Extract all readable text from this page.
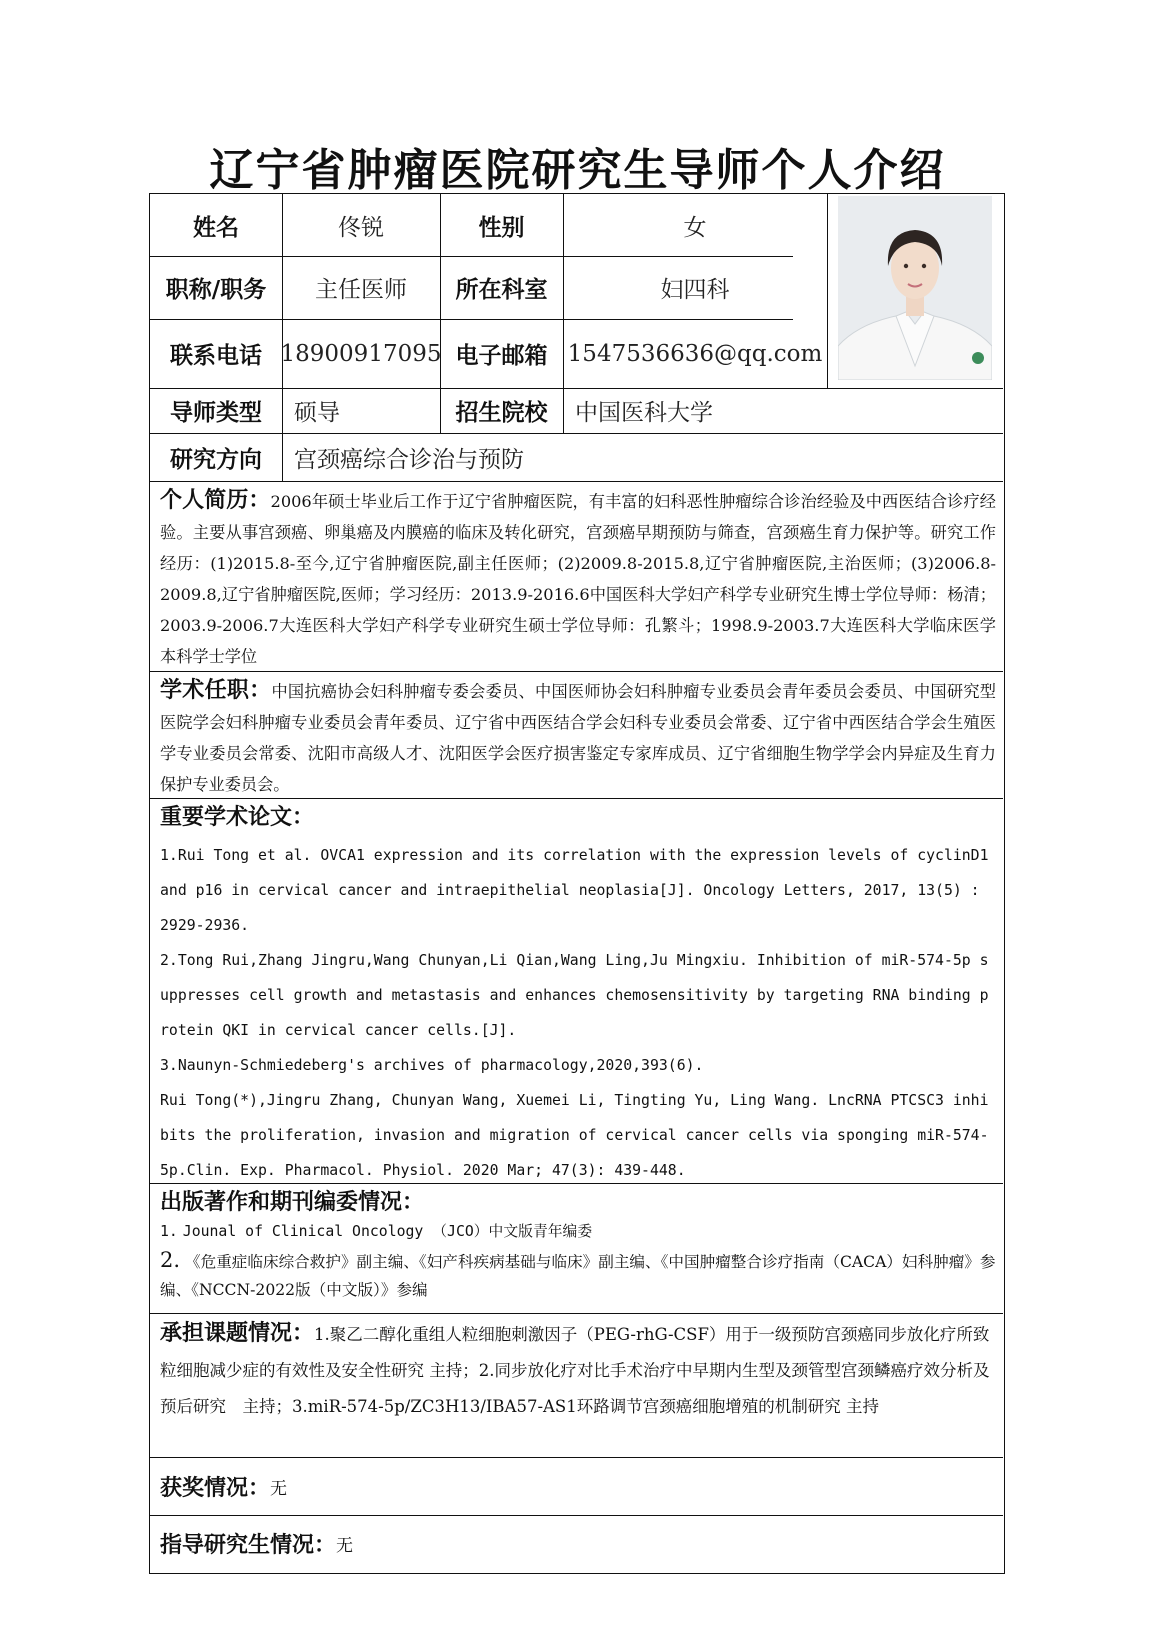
辽宁省肿瘤医院研究生导师个人介绍
姓名	佟锐	性别	女
职称/职务	主任医师	所在科室	妇四科
联系电话 18900917095 电子邮箱 1547536636@qq.com
导师类型	硕导	招生院校	中国医科大学
研究方向	宫颈癌综合诊治与预防
个人简历：2006年硕士毕业后工作于辽宁省肿瘤医院，有丰富的妇科恶性肿瘤综合诊治经验及中西医结合诊疗经验。主要从事宫颈癌、卵巢癌及内膜癌的临床及转化研究，宫颈癌早期预防与筛查，宫颈癌生育力保护等。研究工作经历：(1)2015.8-至今,辽宁省肿瘤医院,副主任医师；(2)2009.8-2015.8,辽宁省肿瘤医院,主治医师；(3)2006.8-2009.8,辽宁省肿瘤医院,医师；学习经历：2013.9-2016.6中国医科大学妇产科学专业研究生博士学位导师：杨清；2003.9-2006.7大连医科大学妇产科学专业研究生硕士学位导师：孔繁斗；1998.9-2003.7大连医科大学临床医学本科学士学位
学术任职：中国抗癌协会妇科肿瘤专委会委员、中国医师协会妇科肿瘤专业委员会青年委员会委员、中国研究型医院学会妇科肿瘤专业委员会青年委员、辽宁省中西医结合学会妇科专业委员会常委、辽宁省中西医结合学会生殖医学专业委员会常委、沈阳市高级人才、沈阳医学会医疗损害鉴定专家库成员、辽宁省细胞生物学学会内异症及生育力保护专业委员会。
重要学术论文：

1.Rui Tong et al. OVCA1 expression and its correlation with the expression levels of cyclinD1 and p16 in cervical cancer and intraepithelial neoplasia[J]. Oncology Letters, 2017, 13(5) : 2929-2936.

2.Tong Rui,Zhang Jingru,Wang Chunyan,Li Qian,Wang Ling,Ju Mingxiu. Inhibition of miR-574-5p suppresses cell growth and metastasis and enhances chemosensitivity by targeting RNA binding protein QKI in cervical cancer cells.[J].

3.Naunyn-Schmiedeberg's archives of pharmacology,2020,393(6).

Rui Tong(*),Jingru Zhang, Chunyan Wang, Xuemei Li, Tingting Yu, Ling Wang. LncRNA PTCSC3 inhibits the proliferation, invasion and migration of cervical cancer cells via sponging miR-574-5p.Clin. Exp. Pharmacol. Physiol. 2020 Mar; 47(3): 439-448.

出版著作和期刊编委情况：
1. Jounal of Clinical Oncology （JCO）中文版青年编委
2. 《危重症临床综合救护》副主编、《妇产科疾病基础与临床》副主编、《中国肿瘤整合诊疗指南（CACA）妇科肿瘤》参编、《NCCN-2022版（中文版）》参编
承担课题情况：1.聚乙二醇化重组人粒细胞刺激因子（PEG-rhG-CSF）用于一级预防宫颈癌同步放化疗所致粒细胞减少症的有效性及安全性研究 主持；2.同步放化疗对比手术治疗中早期内生型及颈管型宫颈鳞癌疗效分析及预后研究　主持；3.miR-574-5p/ZC3H13/IBA57-AS1环路调节宫颈癌细胞增殖的机制研究 主持
获奖情况： 无
指导研究生情况： 无
